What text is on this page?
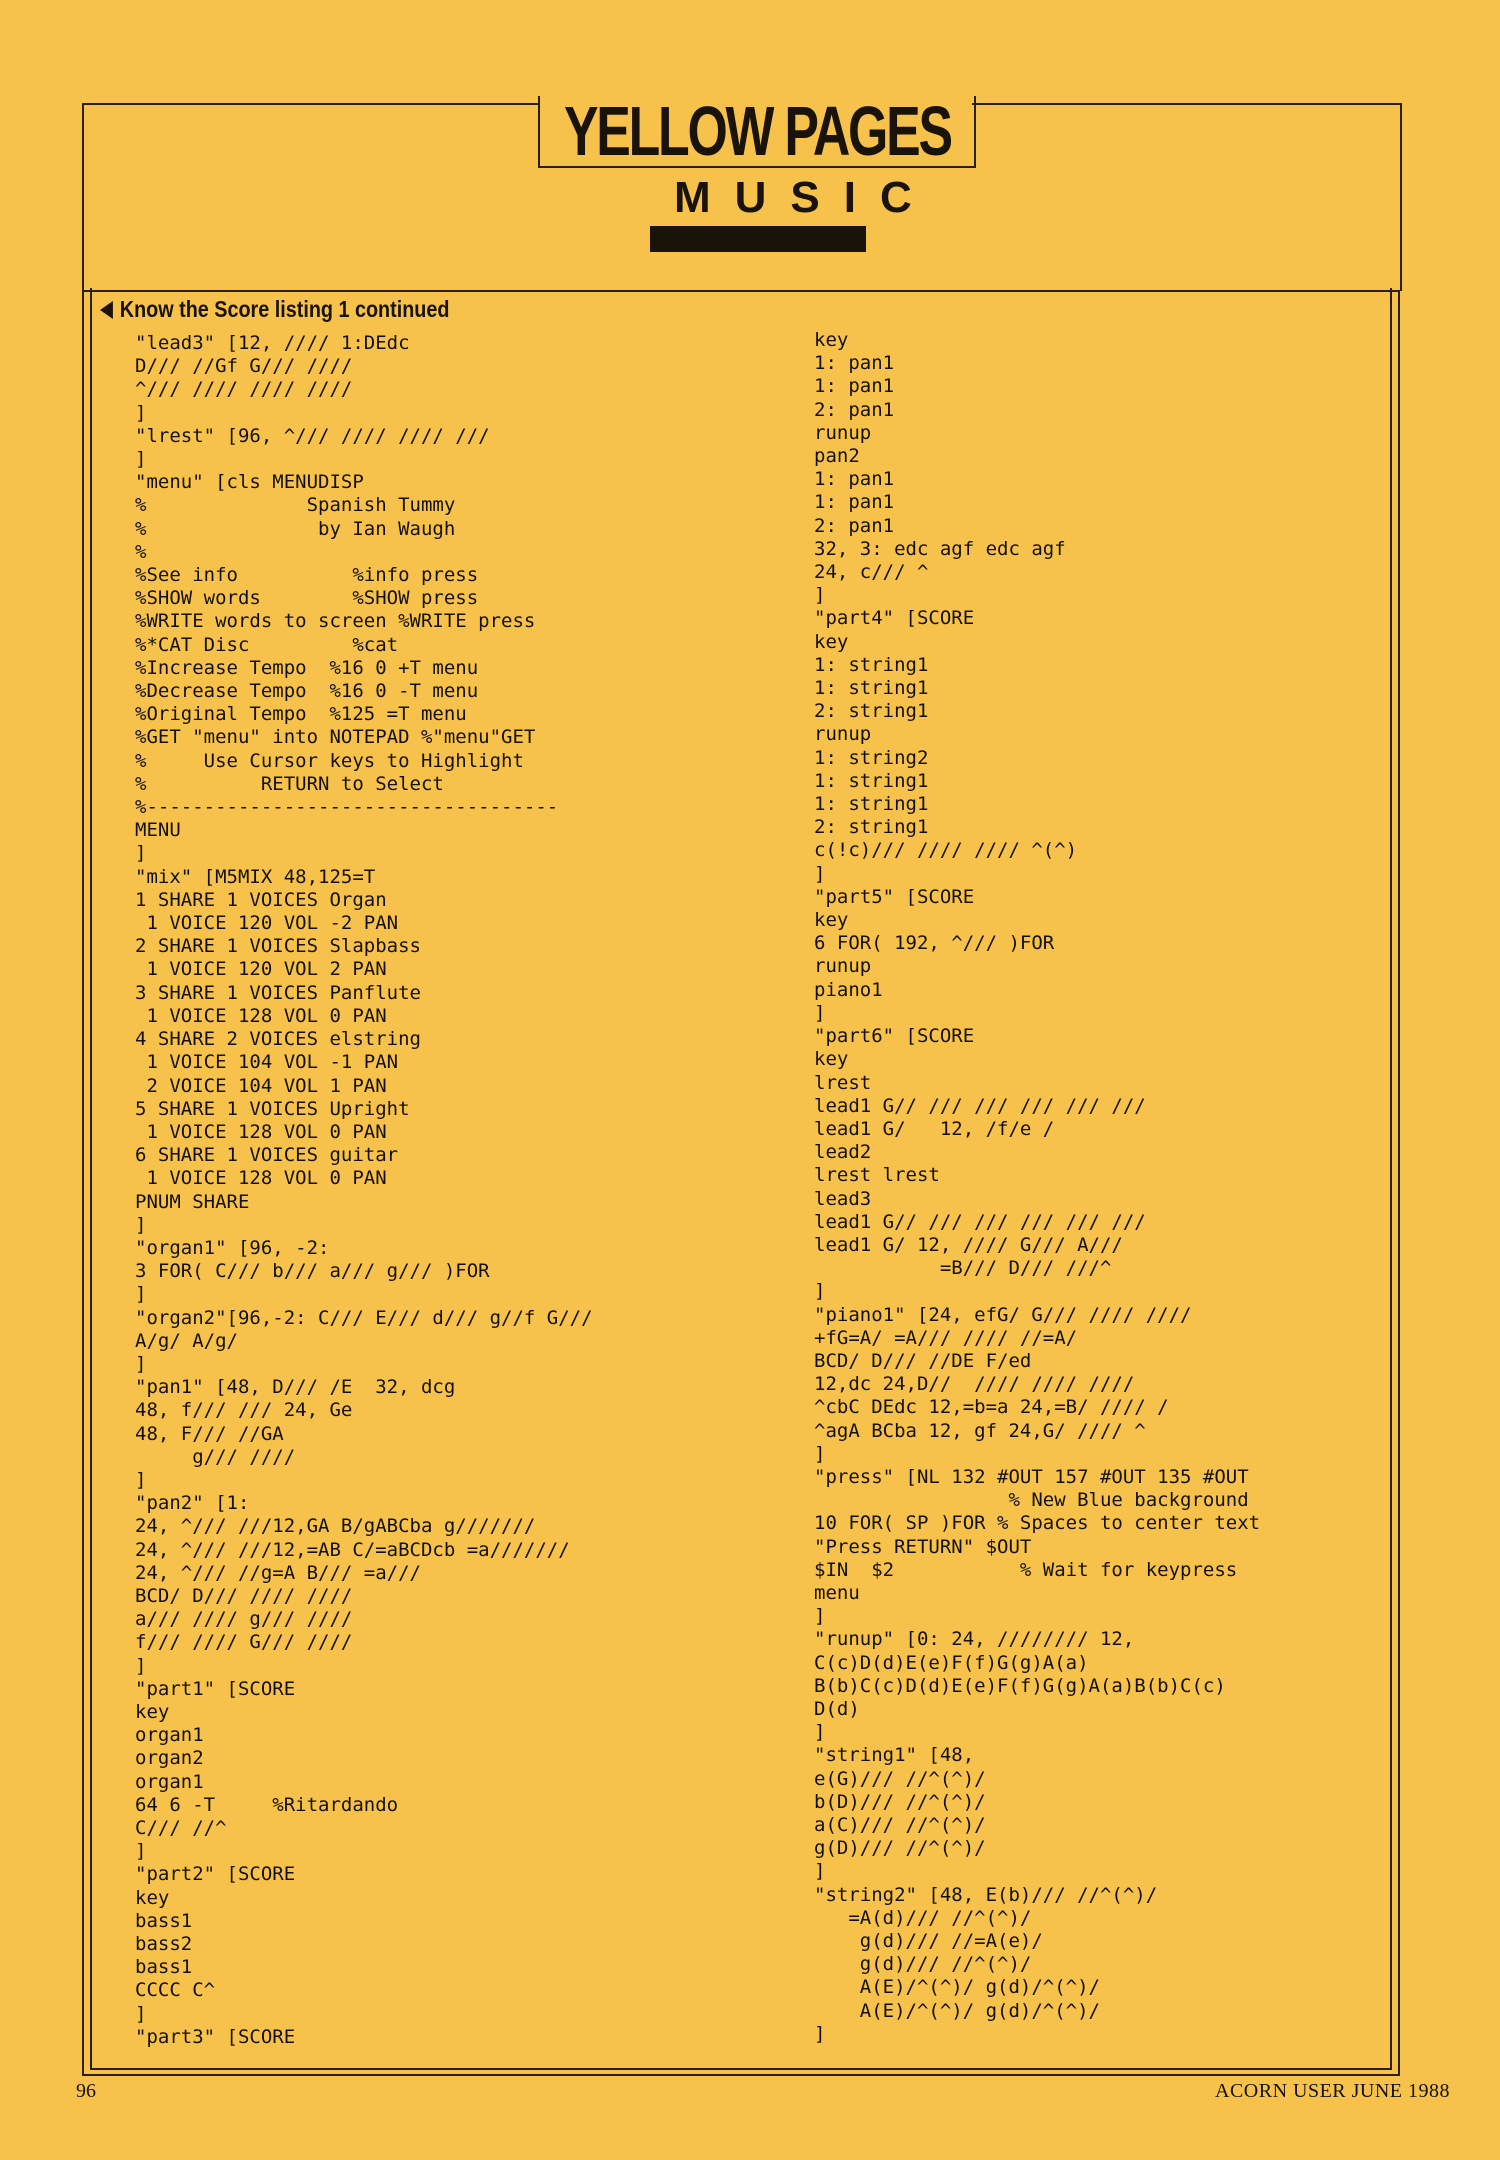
YELLOW PAGES
MUSIC
Know the Score listing 1 continued
"lead3" [12, //// 1:DEdc
D/// //Gf G/// ////
^/// //// //// ////
]
"lrest" [96, ^/// //// //// ///
]
"menu" [cls MENUDISP
%              Spanish Tummy
%               by Ian Waugh
%
%See info          %info press
%SHOW words        %SHOW press
%WRITE words to screen %WRITE press
%*CAT Disc         %cat
%Increase Tempo  %16 0 +T menu
%Decrease Tempo  %16 0 -T menu
%Original Tempo  %125 =T menu
%GET "menu" into NOTEPAD %"menu"GET
%     Use Cursor keys to Highlight
%          RETURN to Select
%------------------------------------
MENU
]
"mix" [M5MIX 48,125=T
1 SHARE 1 VOICES Organ
1 VOICE 120 VOL -2 PAN
2 SHARE 1 VOICES Slapbass
1 VOICE 120 VOL 2 PAN
3 SHARE 1 VOICES Panflute
1 VOICE 128 VOL 0 PAN
4 SHARE 2 VOICES elstring
1 VOICE 104 VOL -1 PAN
2 VOICE 104 VOL 1 PAN
5 SHARE 1 VOICES Upright
1 VOICE 128 VOL 0 PAN
6 SHARE 1 VOICES guitar
1 VOICE 128 VOL 0 PAN
PNUM SHARE
]
"organ1" [96, -2:
3 FOR( C/// b/// a/// g/// )FOR
]
"organ2"[96,-2: C/// E/// d/// g//f G///
A/g/ A/g/
]
"pan1" [48, D/// /E  32, dcg
48, f/// /// 24, Ge
48, F/// //GA
g/// ////
]
"pan2" [1:
24, ^/// ///12,GA B/gABCba g///////
24, ^/// ///12,=AB C/=aBCDcb =a///////
24, ^/// //g=A B/// =a///
BCD/ D/// //// ////
a/// //// g/// ////
f/// //// G/// ////
]
"part1" [SCORE
key
organ1
organ2
organ1
64 6 -T     %Ritardando
C/// //^
]
"part2" [SCORE
key
bass1
bass2
bass1
CCCC C^
]
"part3" [SCORE
key
1: pan1
1: pan1
2: pan1
runup
pan2
1: pan1
1: pan1
2: pan1
32, 3: edc agf edc agf
24, c/// ^
]
"part4" [SCORE
key
1: string1
1: string1
2: string1
runup
1: string2
1: string1
1: string1
2: string1
c(!c)/// //// //// ^(^)
]
"part5" [SCORE
key
6 FOR( 192, ^/// )FOR
runup
piano1
]
"part6" [SCORE
key
lrest
lead1 G// /// /// /// /// ///
lead1 G/   12, /f/e /
lead2
lrest lrest
lead3
lead1 G// /// /// /// /// ///
lead1 G/ 12, //// G/// A///
=B/// D/// ///^
]
"piano1" [24, efG/ G/// //// ////
+fG=A/ =A/// //// //=A/
BCD/ D/// //DE F/ed
12,dc 24,D//  //// //// ////
^cbC DEdc 12,=b=a 24,=B/ //// /
^agA BCba 12, gf 24,G/ //// ^
]
"press" [NL 132 #OUT 157 #OUT 135 #OUT
% New Blue background
10 FOR( SP )FOR % Spaces to center text
"Press RETURN" $OUT
$IN  $2           % Wait for keypress
menu
]
"runup" [0: 24, //////// 12,
C(c)D(d)E(e)F(f)G(g)A(a)
B(b)C(c)D(d)E(e)F(f)G(g)A(a)B(b)C(c)
D(d)
]
"string1" [48,
e(G)/// //^(^)/
b(D)/// //^(^)/
a(C)/// //^(^)/
g(D)/// //^(^)/
]
"string2" [48, E(b)/// //^(^)/
=A(d)/// //^(^)/
g(d)/// //=A(e)/
g(d)/// //^(^)/
A(E)/^(^)/ g(d)/^(^)/
A(E)/^(^)/ g(d)/^(^)/
]
96	ACORN USER JUNE 1988
